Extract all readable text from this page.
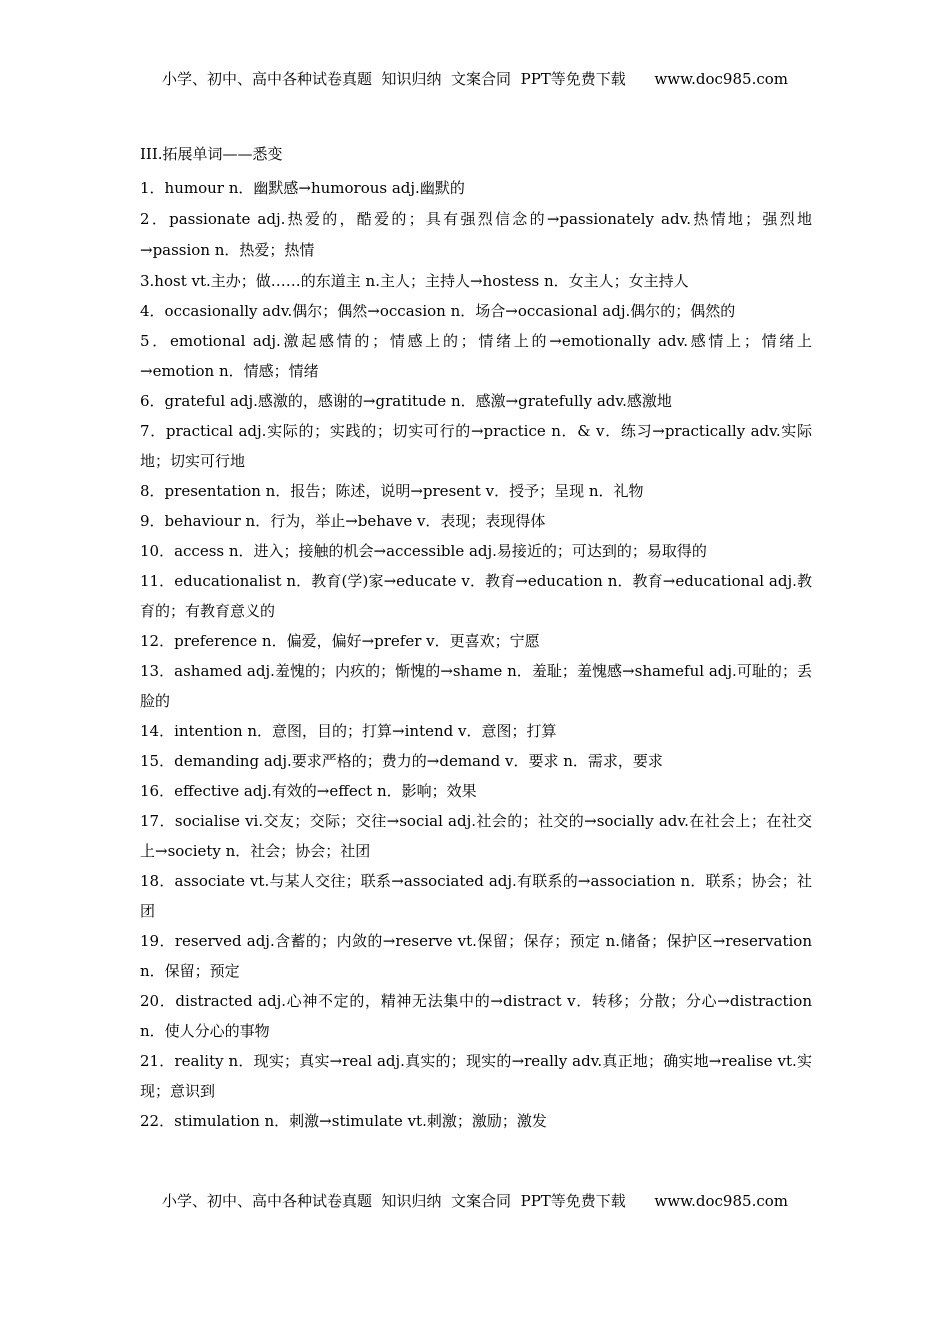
小学、初中、高中各种试卷真题  知识归纳  文案合同  PPT等免费下载      www.doc985.com
III.拓展单词——悉变
1．humour n．幽默感→humorous adj.幽默的
2．passionate adj.热爱的，酷爱的；具有强烈信念的→passionately adv.热情地；强烈地→passion n．热爱；热情
3.host vt.主办；做……的东道主 n.主人；主持人→hostess n．女主人；女主持人
4．occasionally adv.偶尔；偶然→occasion n．场合→occasional adj.偶尔的；偶然的
5．emotional adj.激起感情的；情感上的；情绪上的→emotionally adv.感情上；情绪上→emotion n．情感；情绪
6．grateful adj.感激的，感谢的→gratitude n．感激→gratefully adv.感激地
7．practical adj.实际的；实践的；切实可行的→practice n．& v．练习→practically adv.实际地；切实可行地
8．presentation n．报告；陈述，说明→present v．授予；呈现 n．礼物
9．behaviour n．行为，举止→behave v．表现；表现得体
10．access n．进入；接触的机会→accessible adj.易接近的；可达到的；易取得的
11．educationalist n．教育(学)家→educate v．教育→education n．教育→educational adj.教育的；有教育意义的
12．preference n．偏爱，偏好→prefer v．更喜欢；宁愿
13．ashamed adj.羞愧的；内疚的；惭愧的→shame n．羞耻；羞愧感→shameful adj.可耻的；丢脸的
14．intention n．意图，目的；打算→intend v．意图；打算
15．demanding adj.要求严格的；费力的→demand v．要求 n．需求，要求
16．effective adj.有效的→effect n．影响；效果
17．socialise vi.交友；交际；交往→social adj.社会的；社交的→socially adv.在社会上；在社交上→society n．社会；协会；社团
18．associate vt.与某人交往；联系→associated adj.有联系的→association n．联系；协会；社团
19．reserved adj.含蓄的；内敛的→reserve vt.保留；保存；预定 n.储备；保护区→reservation n．保留；预定
20．distracted adj.心神不定的，精神无法集中的→distract v．转移；分散；分心→distraction n．使人分心的事物
21．reality n．现实；真实→real adj.真实的；现实的→really adv.真正地；确实地→realise vt.实现；意识到
22．stimulation n．刺激→stimulate vt.刺激；激励；激发
小学、初中、高中各种试卷真题  知识归纳  文案合同  PPT等免费下载      www.doc985.com
